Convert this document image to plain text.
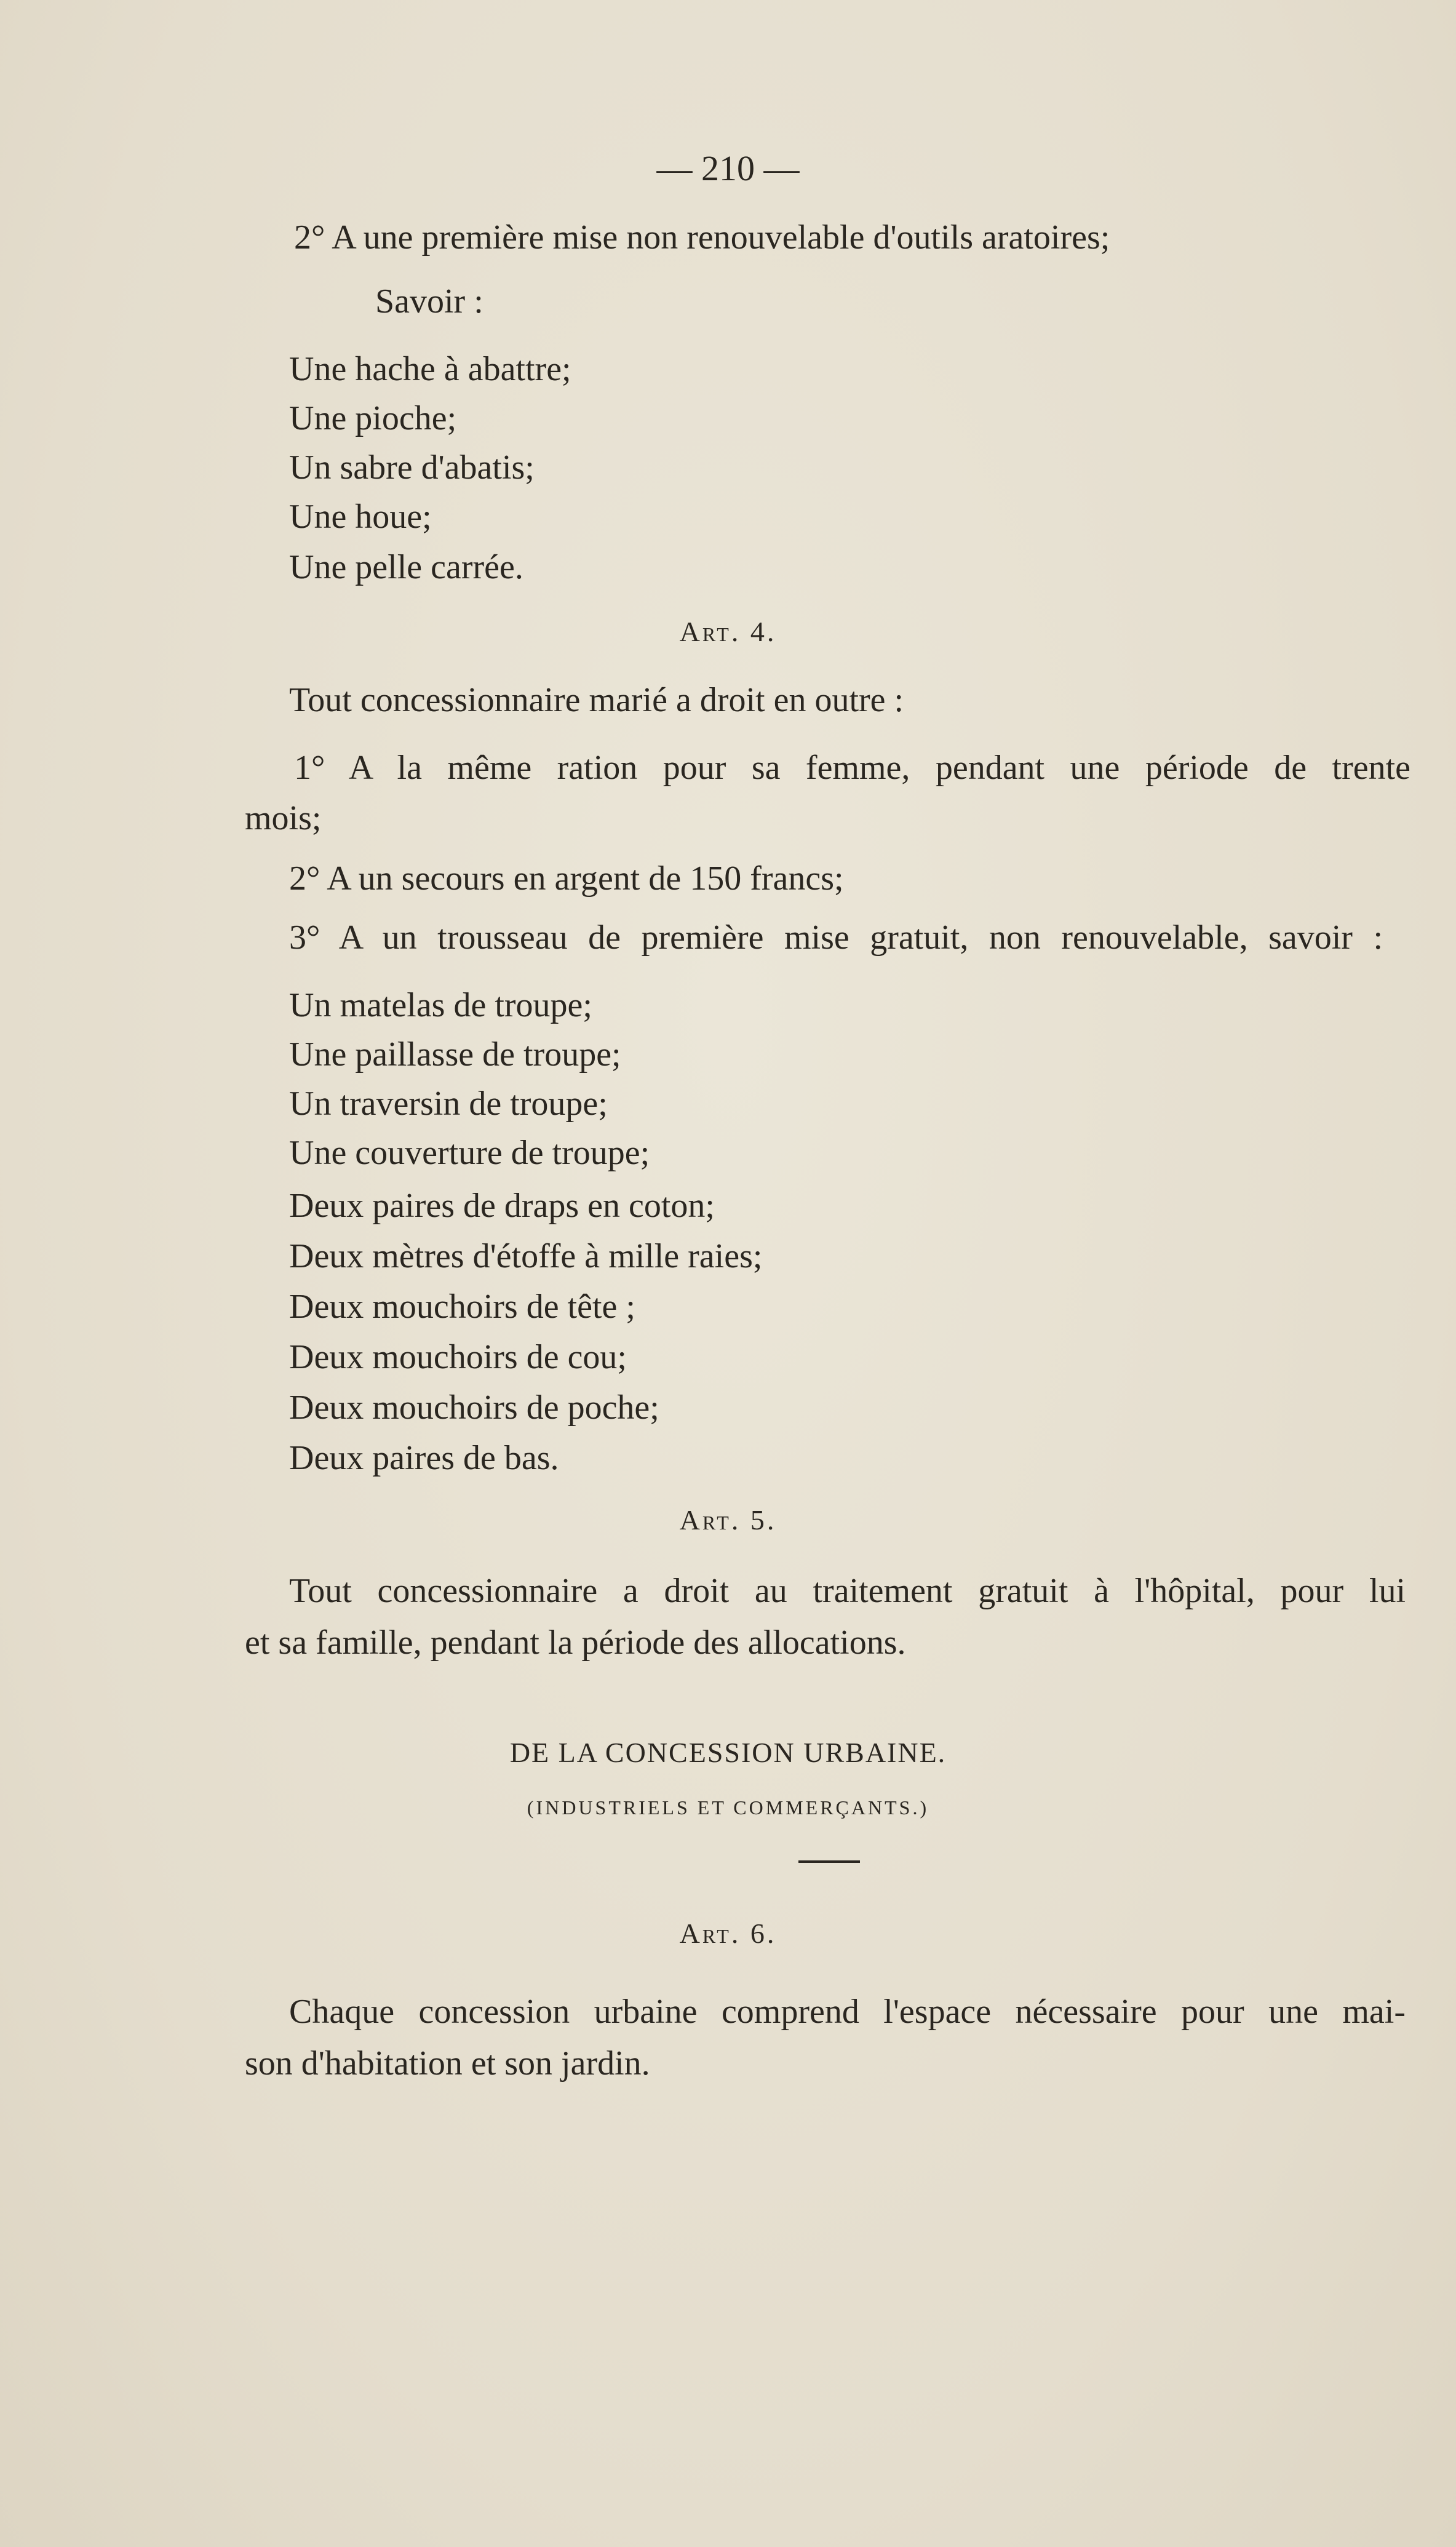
— 210 —
2° A une première mise non renouvelable d'outils aratoires;
Savoir :
Une hache à abattre;
Une pioche;
Un sabre d'abatis;
Une houe;
Une pelle carrée.
Art. 4.
Tout concessionnaire marié a droit en outre :
1° A la même ration pour sa femme, pendant une période de trente
mois;
2° A un secours en argent de 150 francs;
3° A un trousseau de première mise gratuit, non renouvelable, savoir :
Un matelas de troupe;
Une paillasse de troupe;
Un traversin de troupe;
Une couverture de troupe;
Deux paires de draps en coton;
Deux mètres d'étoffe à mille raies;
Deux mouchoirs de tête ;
Deux mouchoirs de cou;
Deux mouchoirs de poche;
Deux paires de bas.
Art. 5.
Tout concessionnaire a droit au traitement gratuit à l'hôpital, pour lui
et sa famille, pendant la période des allocations.
DE LA CONCESSION URBAINE.
(INDUSTRIELS ET COMMERÇANTS.)
Art. 6.
Chaque concession urbaine comprend l'espace nécessaire pour une mai-
son d'habitation et son jardin.
